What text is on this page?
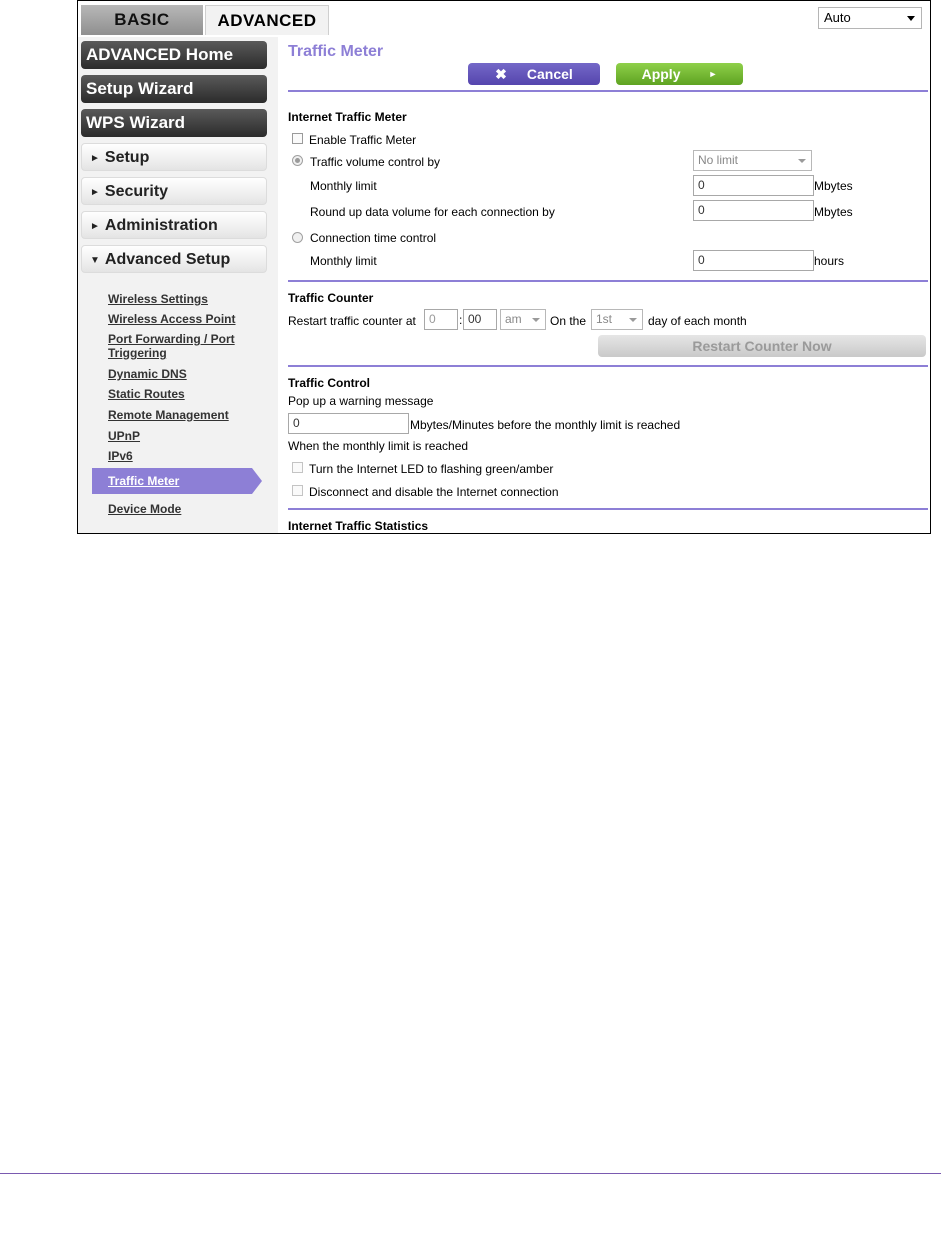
BASIC	ADVANCED	Auto
ADVANCED Home
Setup Wizard
WPS Wizard
► Setup
► Security
► Administration
▼ Advanced Setup
Wireless Settings
Wireless Access Point
Port Forwarding / Port
Triggering
Dynamic DNS
Static Routes
Remote Management
UPnP
IPv6
Traffic Meter
Device Mode
Traffic Meter
✖ Cancel	Apply	►
Internet Traffic Meter
Enable Traffic Meter
Traffic volume control by	No limit
Monthly limit	0	Mbytes
Round up data volume for each connection by	0	Mbytes
Connection time control
Monthly limit	0	hours
Traffic Counter
Restart traffic counter at	0	: 00	am	On the 1st	day of each month
Restart Counter Now
Traffic Control
Pop up a warning message
0	Mbytes/Minutes before the monthly limit is reached
When the monthly limit is reached
Turn the Internet LED to flashing green/amber
Disconnect and disable the Internet connection
Internet Traffic Statistics
